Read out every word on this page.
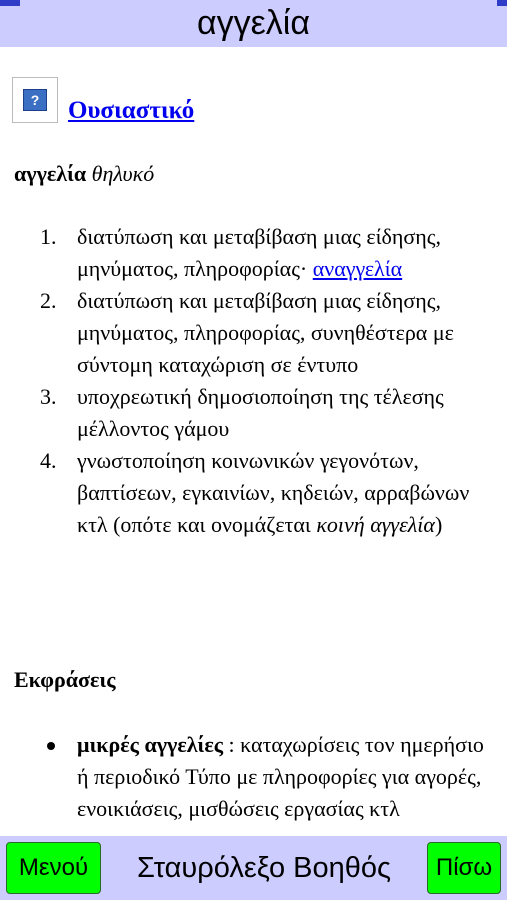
αγγελία
?	Ουσιαστικό
αγγελία θηλυκό
1. διατύπωση και μεταβίβαση μιας είδησης, μηνύματος, πληροφορίας· αναγγελία
2. διατύπωση και μεταβίβαση μιας είδησης, μηνύματος, πληροφορίας, συνηθέστερα με σύντομη καταχώριση σε έντυπο
3. υποχρεωτική δημοσιοποίηση της τέλεσης μέλλοντος γάμου
4. γνωστοποίηση κοινωνικών γεγονότων, βαπτίσεων, εγκαινίων, κηδειών, αρραβώνων κτλ (οπότε και ονομάζεται κοινή αγγελία)
Εκφράσεις
μικρές αγγελίες : καταχωρίσεις τον ημερήσιο ή περιοδικό Τύπο με πληροφορίες για αγορές, ενοικιάσεις, μισθώσεις εργασίας κτλ
Μενού	Σταυρόλεξο Βοηθός	Πίσω
